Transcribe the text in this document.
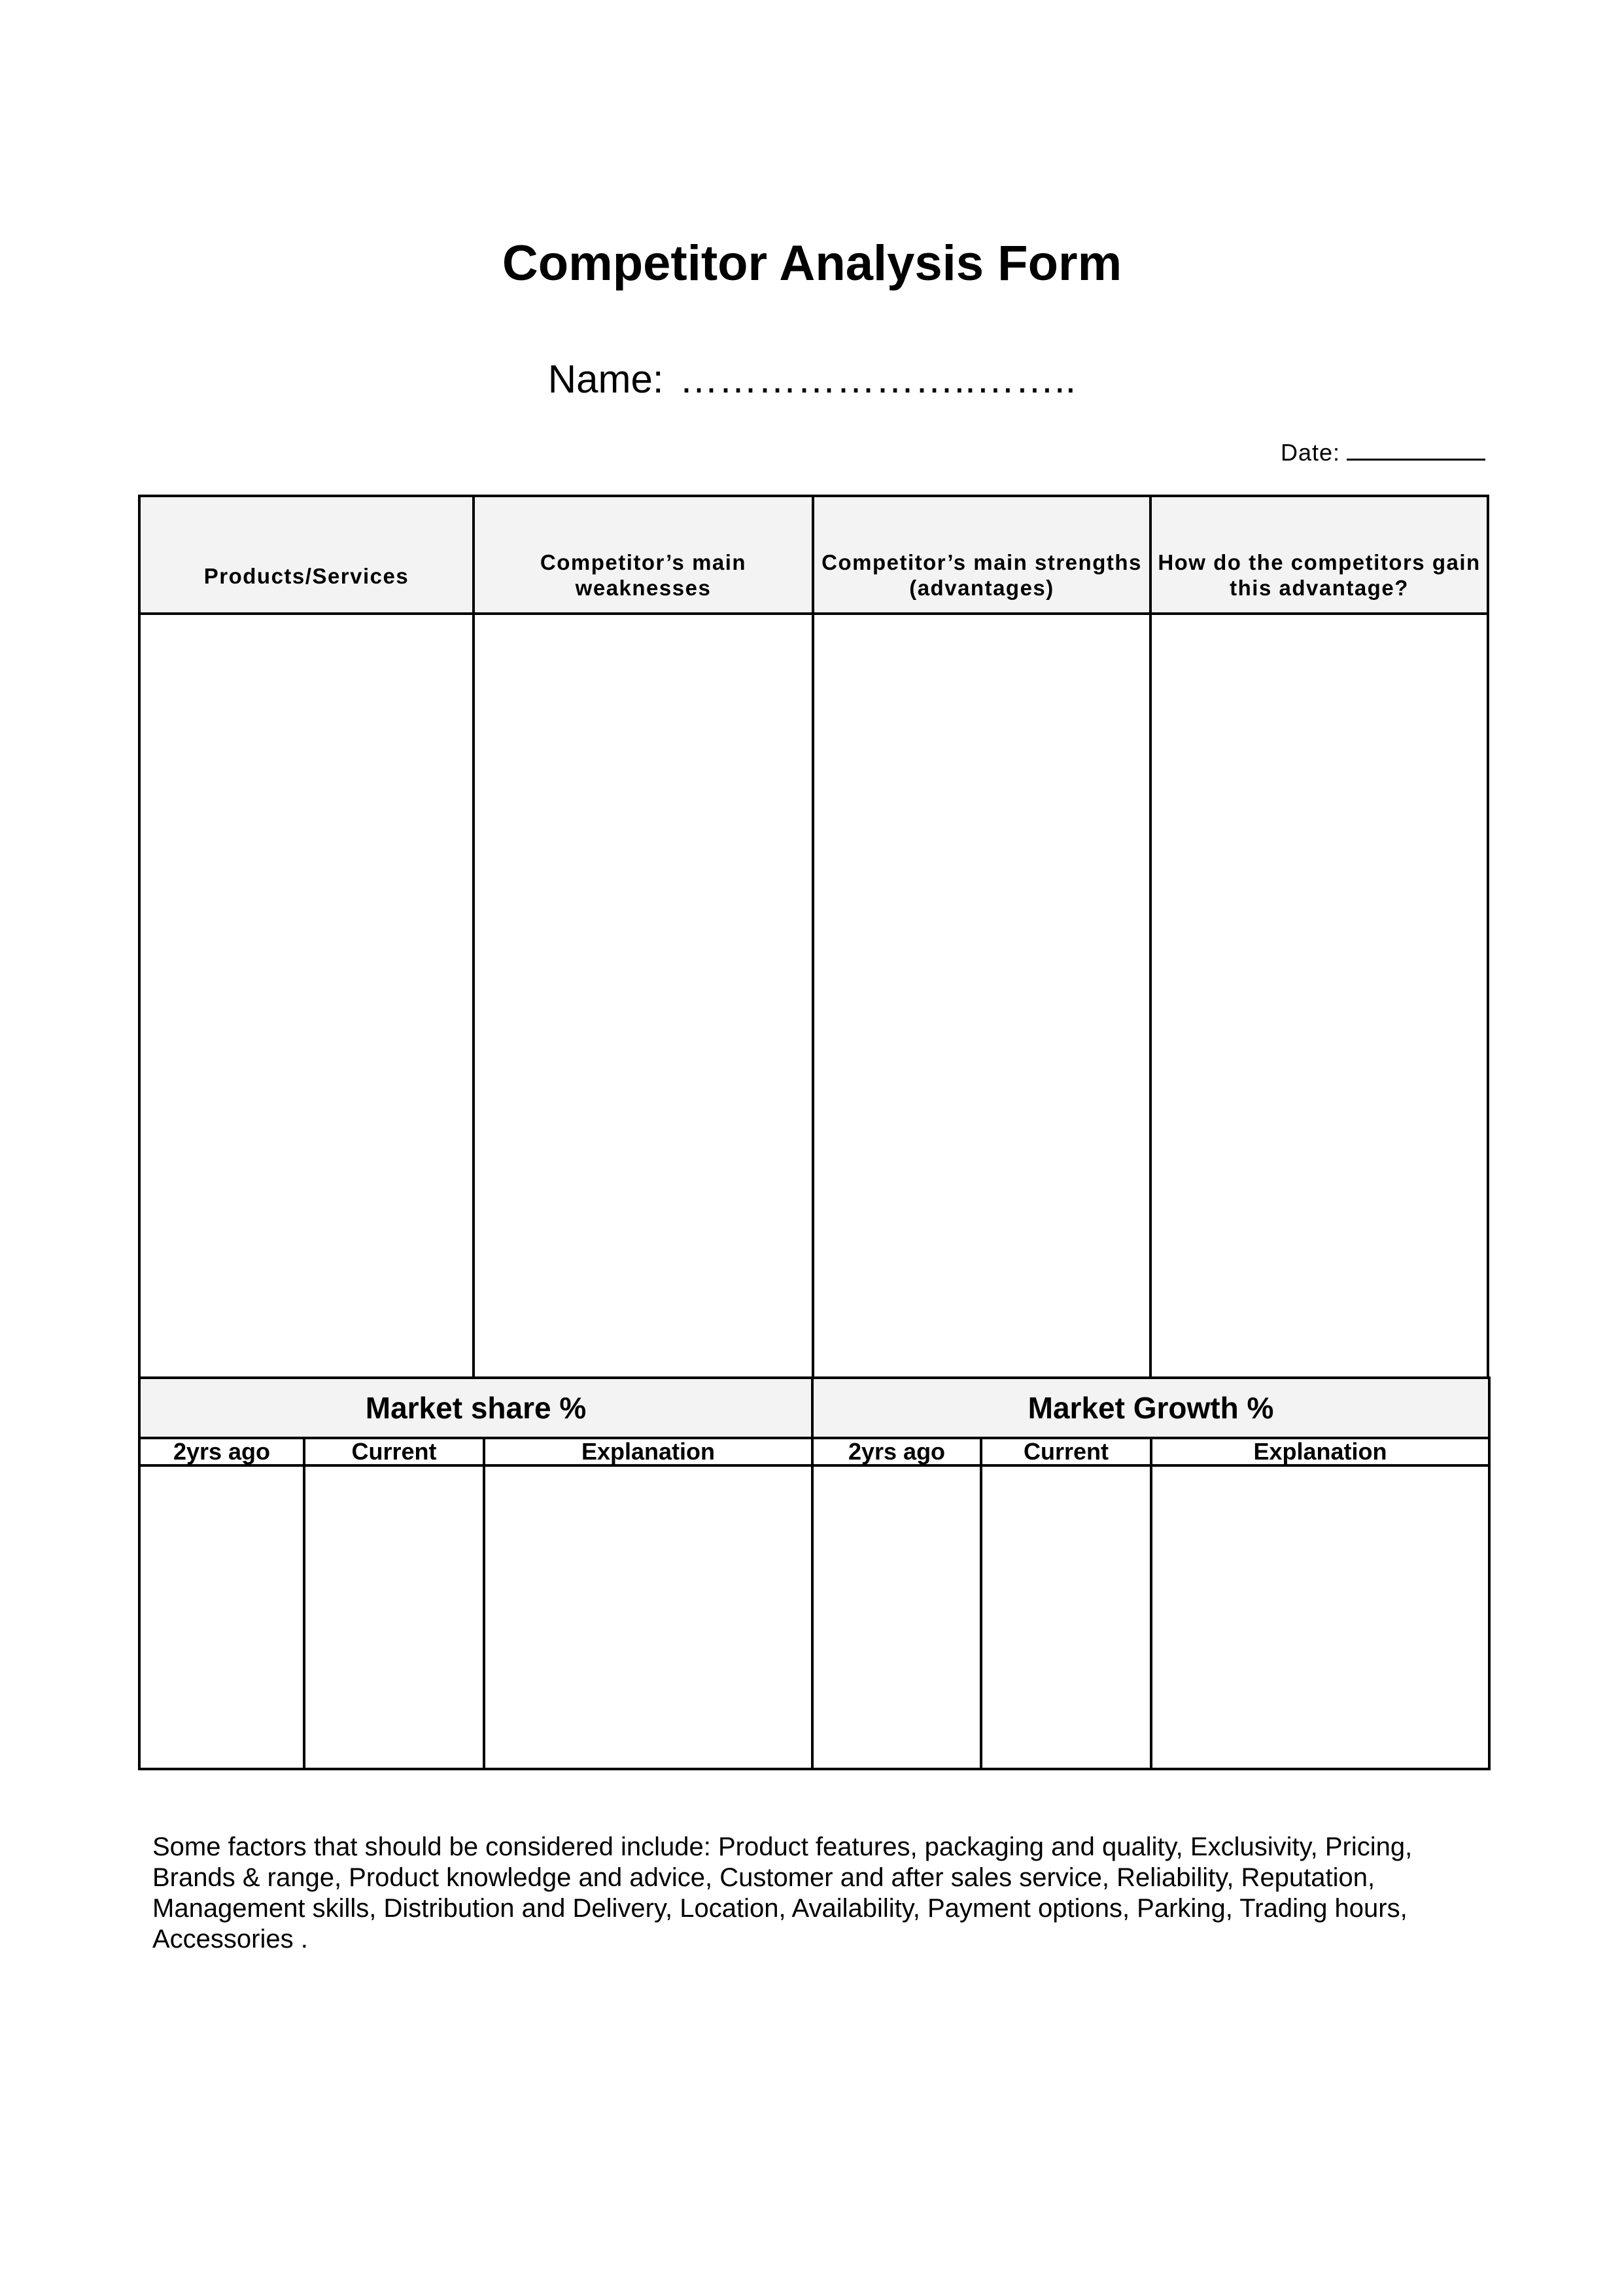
Competitor Analysis Form
Name: …………………..……..
Date:
Products/Services	Competitor’s main weaknesses	Competitor’s main strengths (advantages)	How do the competitors gain this advantage?

Market share %			Market Growth %		
2yrs ago	Current	Explanation	2yrs ago	Current	Explanation

Some factors that should be considered include: Product features, packaging and quality, Exclusivity, Pricing, Brands & range, Product knowledge and advice, Customer and after sales service, Reliability, Reputation, Management skills, Distribution and Delivery, Location, Availability, Payment options, Parking, Trading hours, Accessories .
